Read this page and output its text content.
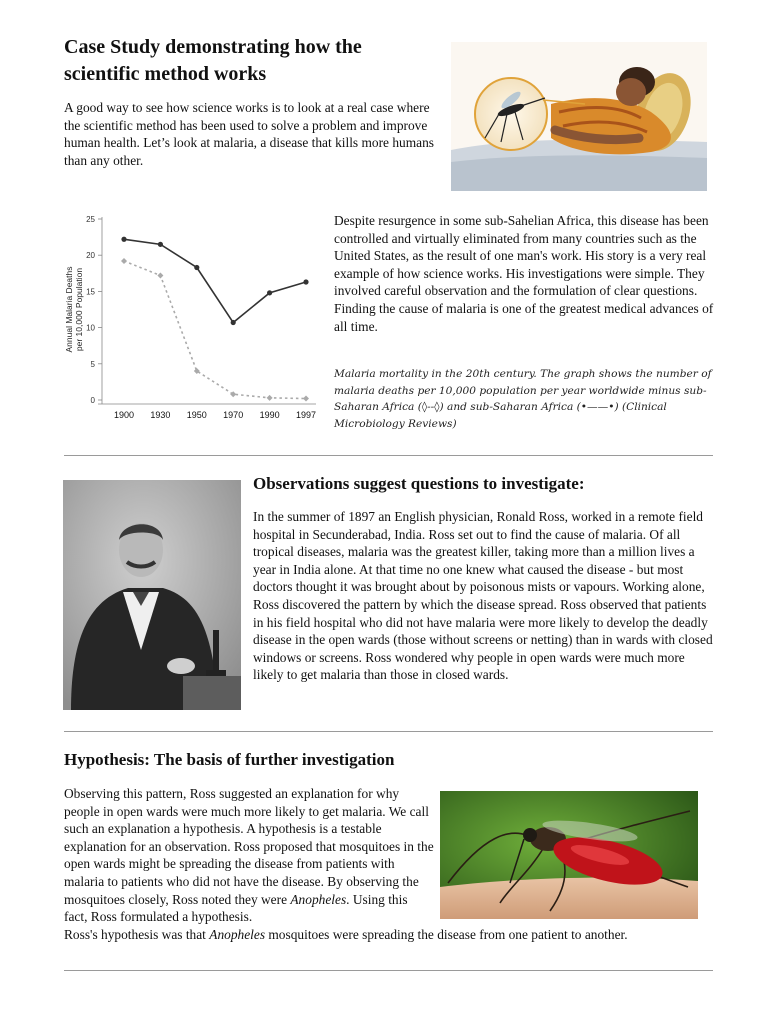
Case Study demonstrating how the scientific method works

A good way to see how science works is to look at a real case where the scientific method has been used to solve a problem and improve human health. Let’s look at malaria, a disease that kills more humans than any other.

0
5
10
15
20
25
1900 1930 1950 1970 1990 1997
Annual Malaria Deathsper 10,000 Population

Despite resurgence in some sub-Sahelian Africa, this disease has been controlled and virtually eliminated from many countries such as the United States, as the result of one man's work. His story is a very real example of how science works. His investigations were simple. They involved careful observation and the formulation of clear questions. Finding the cause of malaria is one of the greatest medical advances of all time.

Malaria mortality in the 20th century. The graph shows the number of malaria deaths per 10,000 population per year worldwide minus sub-Saharan Africa (◊--◊) and sub-Saharan Africa (•——•) (Clinical Microbiology Reviews)

Observations suggest questions to investigate:

In the summer of 1897 an English physician, Ronald Ross, worked in a remote field hospital in Secunderabad, India. Ross set out to find the cause of malaria. Of all tropical diseases, malaria was the greatest killer, taking more than a million lives a year in India alone. At that time no one knew what caused the disease - but most doctors thought it was brought about by poisonous mists or vapours. Working alone, Ross discovered the pattern by which the disease spread. Ross observed that patients in his field hospital who did not have malaria were more likely to develop the deadly disease in the open wards (those without screens or netting) than in wards with closed windows or screens. Ross wondered why people in open wards were much more likely to get malaria than those in closed wards.

Hypothesis: The basis of further investigation

Observing this pattern, Ross suggested an explanation for why people in open wards were much more likely to get malaria. We call such an explanation a hypothesis. A hypothesis is a testable explanation for an observation. Ross proposed that mosquitoes in the open wards might be spreading the disease from patients with malaria to patients who did not have the disease. By observing the mosquitoes closely, Ross noted they were Anopheles. Using this fact, Ross formulated a hypothesis.

Ross's hypothesis was that Anopheles mosquitoes were spreading the disease from one patient to another.
